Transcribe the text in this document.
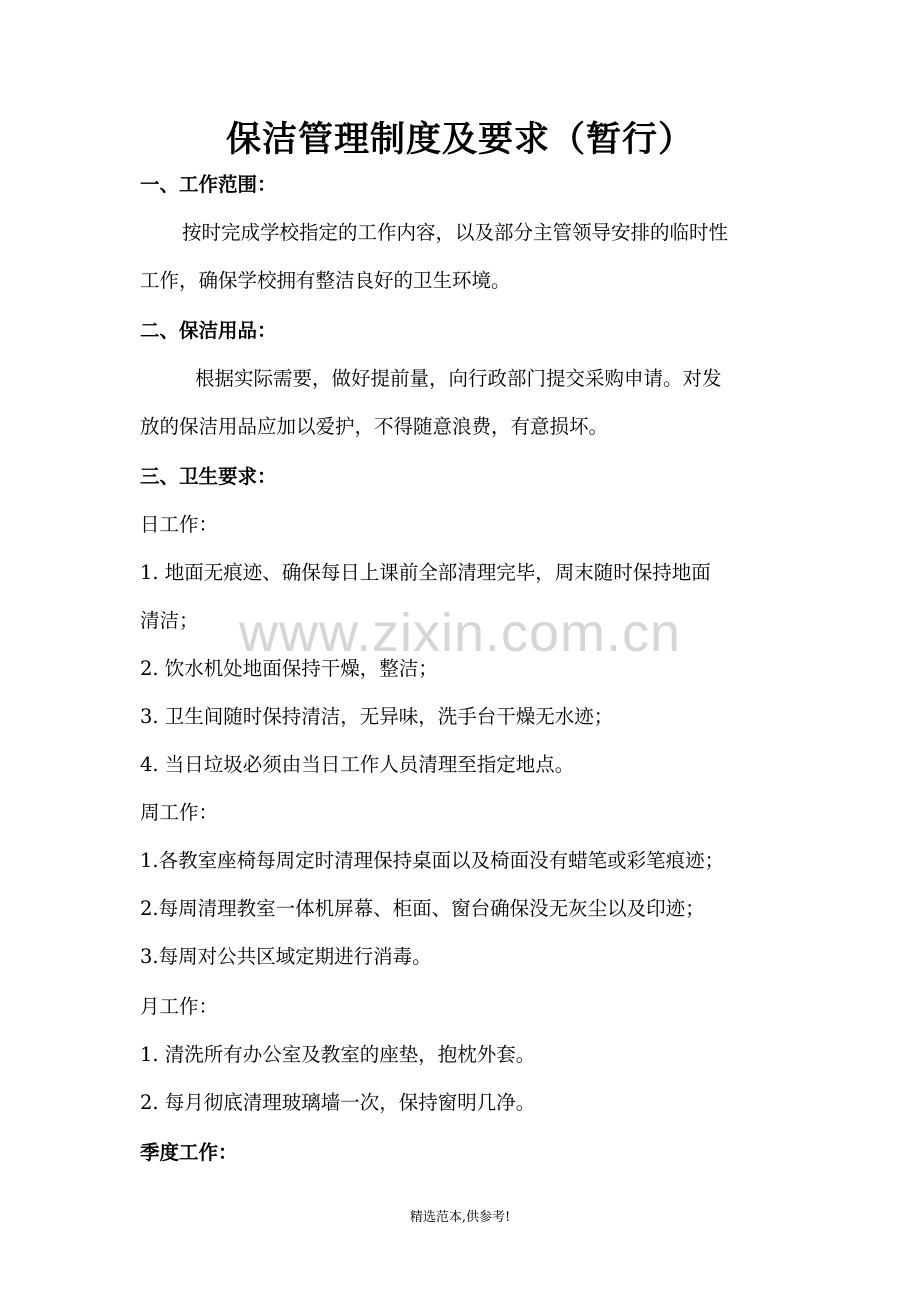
保洁管理制度及要求（暂行）

一、工作范围：

按时完成学校指定的工作内容，以及部分主管领导安排的临时性

工作，确保学校拥有整洁良好的卫生环境。

二、保洁用品：

根据实际需要，做好提前量，向行政部门提交采购申请。对发

放的保洁用品应加以爱护，不得随意浪费，有意损坏。

三、卫生要求：

日工作：

1. 地面无痕迹、确保每日上课前全部清理完毕，周末随时保持地面

清洁；

2. 饮水机处地面保持干燥，整洁；

3. 卫生间随时保持清洁，无异味，洗手台干燥无水迹；

4. 当日垃圾必须由当日工作人员清理至指定地点。

周工作：

1.各教室座椅每周定时清理保持桌面以及椅面没有蜡笔或彩笔痕迹；

2.每周清理教室一体机屏幕、柜面、窗台确保没无灰尘以及印迹；

3.每周对公共区域定期进行消毒。

月工作：

1. 清洗所有办公室及教室的座垫，抱枕外套。

2. 每月彻底清理玻璃墙一次，保持窗明几净。

季度工作：

www.zixin.com.cn
精选范本,供参考!
